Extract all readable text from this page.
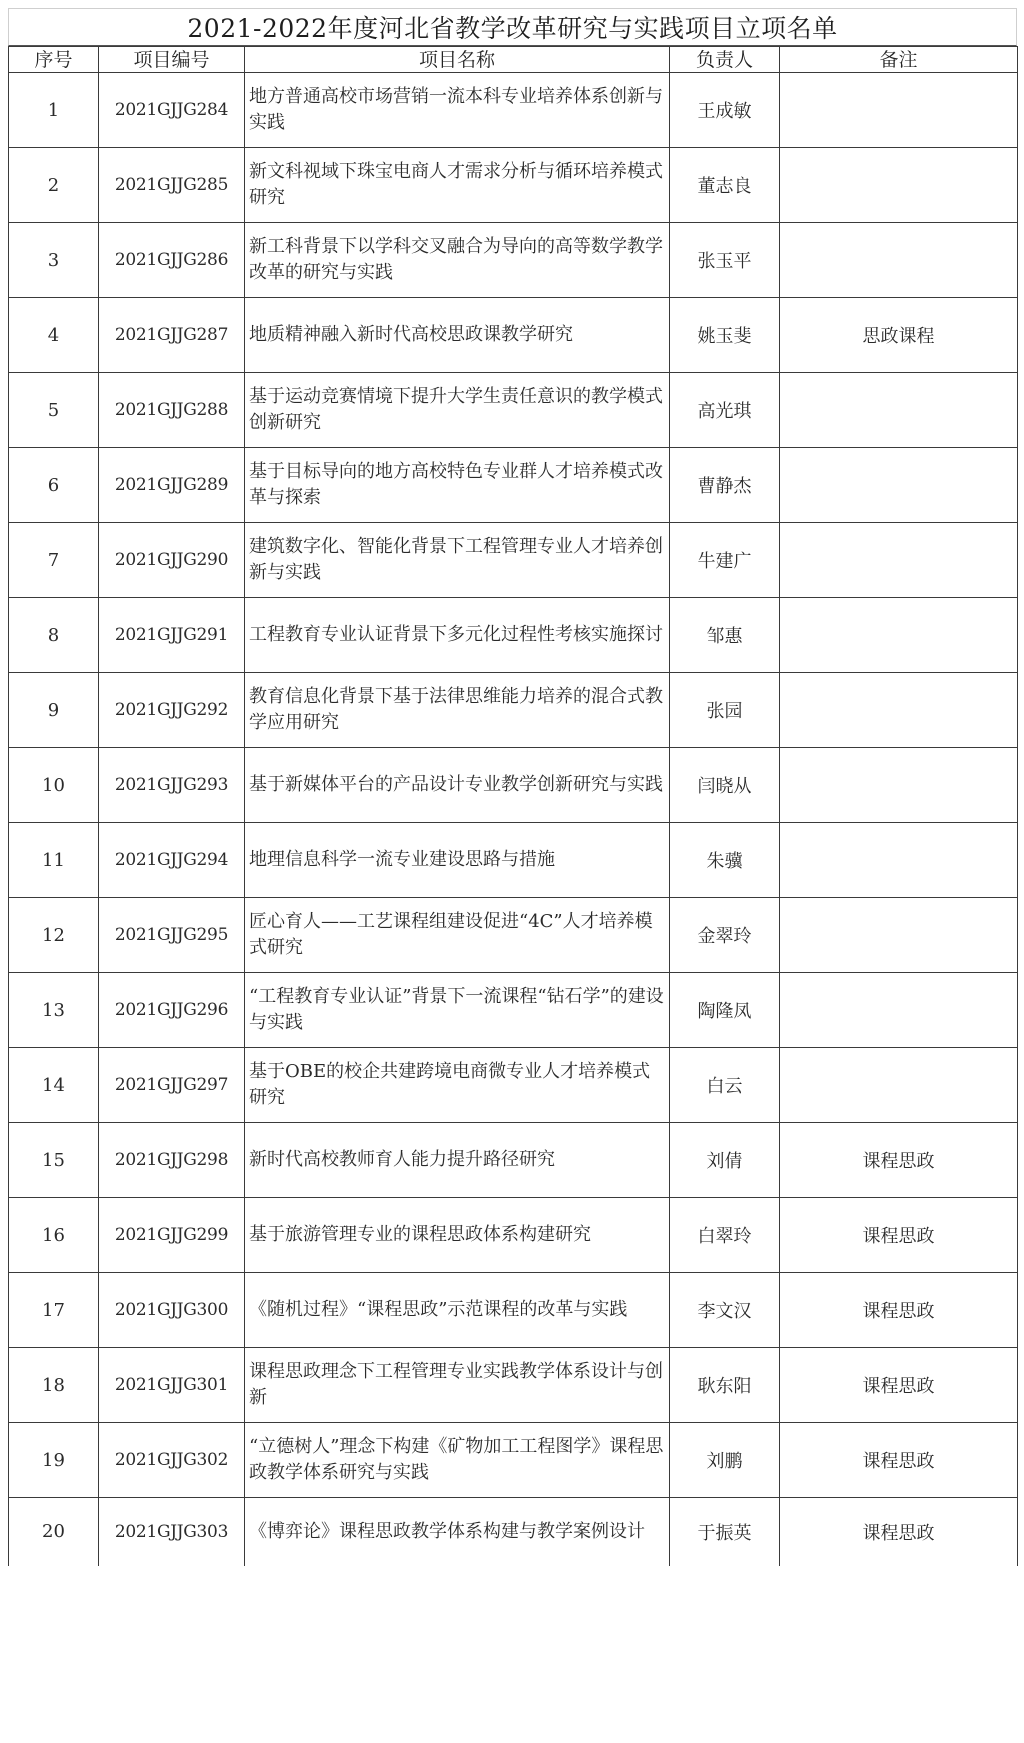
2021-2022年度河北省教学改革研究与实践项目立项名单
序号	项目编号	项目名称	负责人	备注
1	2021GJJG284	地方普通高校市场营销一流本科专业培养体系创新与实践	王成敏	
2	2021GJJG285	新文科视域下珠宝电商人才需求分析与循环培养模式研究	董志良	
3	2021GJJG286	新工科背景下以学科交叉融合为导向的高等数学教学改革的研究与实践	张玉平	
4	2021GJJG287	地质精神融入新时代高校思政课教学研究	姚玉斐	思政课程
5	2021GJJG288	基于运动竞赛情境下提升大学生责任意识的教学模式创新研究	高光琪	
6	2021GJJG289	基于目标导向的地方高校特色专业群人才培养模式改革与探索	曹静杰	
7	2021GJJG290	建筑数字化、智能化背景下工程管理专业人才培养创新与实践	牛建广	
8	2021GJJG291	工程教育专业认证背景下多元化过程性考核实施探讨	邹惠	
9	2021GJJG292	教育信息化背景下基于法律思维能力培养的混合式教学应用研究	张园	
10	2021GJJG293	基于新媒体平台的产品设计专业教学创新研究与实践	闫晓从	
11	2021GJJG294	地理信息科学一流专业建设思路与措施	朱骥	
12	2021GJJG295	匠心育人——工艺课程组建设促进“4C”人才培养模式研究	金翠玲	
13	2021GJJG296	“工程教育专业认证”背景下一流课程“钻石学”的建设与实践	陶隆凤	
14	2021GJJG297	基于OBE的校企共建跨境电商微专业人才培养模式研究	白云	
15	2021GJJG298	新时代高校教师育人能力提升路径研究	刘倩	课程思政
16	2021GJJG299	基于旅游管理专业的课程思政体系构建研究	白翠玲	课程思政
17	2021GJJG300	《随机过程》“课程思政”示范课程的改革与实践	李文汉	课程思政
18	2021GJJG301	课程思政理念下工程管理专业实践教学体系设计与创新	耿东阳	课程思政
19	2021GJJG302	“立德树人”理念下构建《矿物加工工程图学》课程思政教学体系研究与实践	刘鹏	课程思政
20	2021GJJG303	《博弈论》课程思政教学体系构建与教学案例设计	于振英	课程思政
